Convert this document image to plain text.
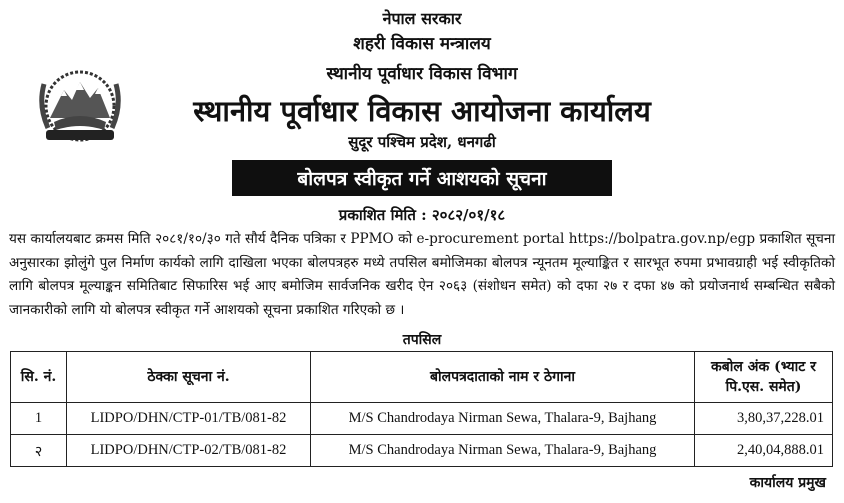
नेपाल सरकार
शहरी विकास मन्त्रालय
स्थानीय पूर्वाधार विकास विभाग
स्थानीय पूर्वाधार विकास आयोजना कार्यालय
सुदूर पश्चिम प्रदेश, धनगढी
बोलपत्र स्वीकृत गर्ने आशयको सूचना
प्रकाशित मिति : २०८२/०१/१८
यस कार्यालयबाट क्रमस मिति २०८१/१०/३० गते सौर्य दैनिक पत्रिका र PPMO को e-procurement portal https://bolpatra.gov.np/egp प्रकाशित सूचना अनुसारका झोलुंगे पुल निर्माण कार्यको लागि दाखिला भएका बोलपत्रहरु मध्ये तपसिल बमोजिमका बोलपत्र न्यूनतम मूल्याङ्कित र सारभूत रुपमा प्रभावग्राही भई स्वीकृतिको लागि बोलपत्र मूल्याङ्कन समितिबाट सिफारिस भई आए बमोजिम सार्वजनिक खरीद ऐन २०६३ (संशोधन समेत) को दफा २७ र दफा ४७ को प्रयोजनार्थ सम्बन्धित सबैको जानकारीको लागि यो बोलपत्र स्वीकृत गर्ने आशयको सूचना प्रकाशित गरिएको छ ।
तपसिल
सि. नं.	ठेक्का सूचना नं.	बोलपत्रदाताको नाम र ठेगाना	कबोल अंक (भ्याट र पि.एस. समेत)
1	LIDPO/DHN/CTP-01/TB/081-82	M/S Chandrodaya Nirman Sewa, Thalara-9, Bajhang	3,80,37,228.01
२	LIDPO/DHN/CTP-02/TB/081-82	M/S Chandrodaya Nirman Sewa, Thalara-9, Bajhang	2,40,04,888.01
कार्यालय प्रमुख
